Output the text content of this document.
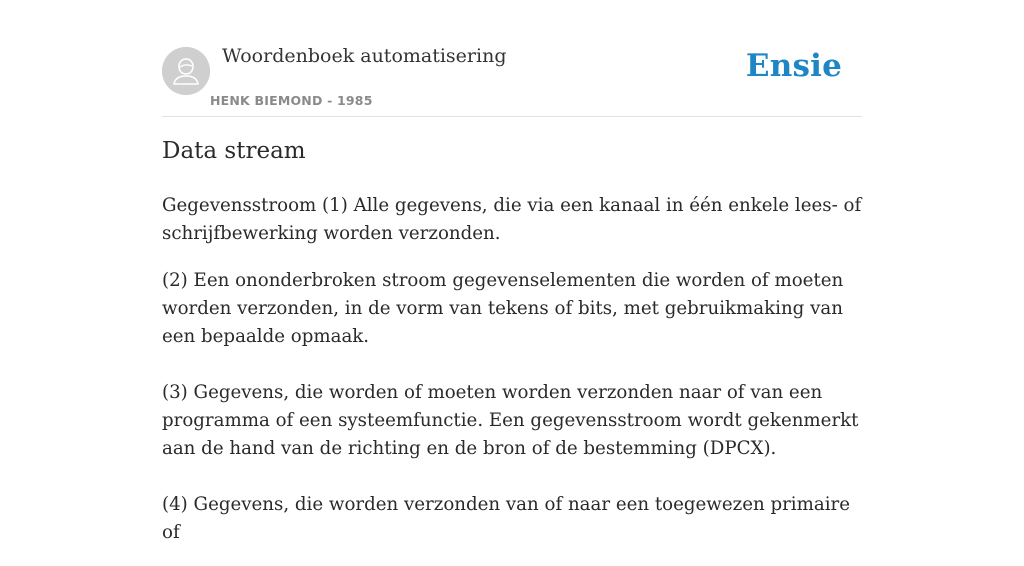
Woordenboek automatisering
HENK BIEMOND - 1985
Ensie
Data stream

Gegevensstroom (1) Alle gegevens, die via een kanaal in één enkele lees- of schrijfbewerking worden verzonden.

(2) Een ononderbroken stroom gegevenselementen die worden of moeten worden verzonden, in de vorm van tekens of bits, met gebruikmaking van een bepaalde opmaak.

(3) Gegevens, die worden of moeten worden verzonden naar of van een programma of een systeemfunctie. Een gegevensstroom wordt gekenmerkt aan de hand van de richting en de bron of de bestemming (DPCX).

(4) Gegevens, die worden verzonden van of naar een toegewezen primaire of
